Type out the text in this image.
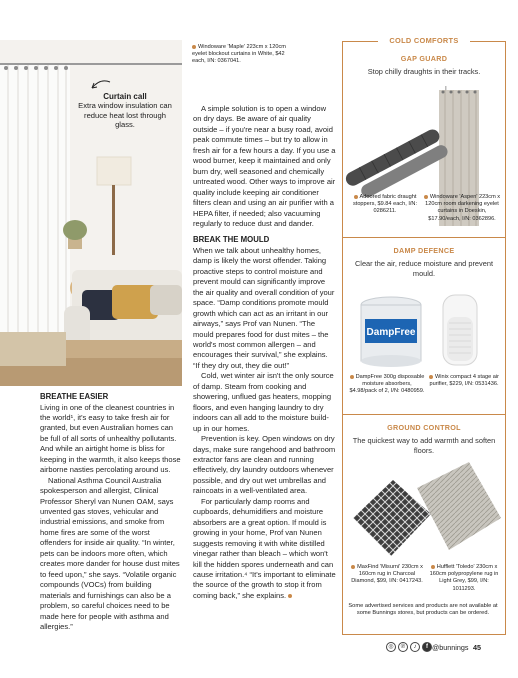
Curtain call
Extra window insulation can reduce heat lost through glass.
Windoware 'Maple' 223cm x 120cm eyelet blockout curtains in White, $42 each, I/N: 0367041.

A simple solution is to open a window on dry days. Be aware of air quality outside – if you're near a busy road, avoid peak commute times – but try to allow in fresh air for a few hours a day. If you use a wood burner, keep it maintained and only burn dry, well seasoned and chemically untreated wood. Other ways to improve air quality include keeping air conditioner filters clean and using an air purifier with a HEPA filter, if needed; also vacuuming regularly to reduce dust and dander.

BREAK THE MOULD

When we talk about unhealthy homes, damp is likely the worst offender. Taking proactive steps to control moisture and prevent mould can significantly improve the air quality and overall condition of your space. “Damp conditions promote mould growth which can act as an irritant in our airways,” says Prof van Nunen. “The mould prepares food for dust mites – the world's most common allergen – and encourages their survival,” she explains. “If they dry out, they die out!”

Cold, wet winter air isn't the only source of damp. Steam from cooking and showering, unflued gas heaters, mopping floors, and even hanging laundry to dry indoors can all add to the moisture build-up in our homes.

Prevention is key. Open windows on dry days, make sure rangehood and bathroom extractor fans are clean and running effectively, dry laundry outdoors whenever possible, and dry out wet umbrellas and raincoats in a well-ventilated area.

For particularly damp rooms and cupboards, dehumidifiers and moisture absorbers are a great option. If mould is growing in your home, Prof van Nunen suggests removing it with white distilled vinegar rather than bleach – which won't kill the hidden spores underneath and can cause irritation.⁴ “It's important to eliminate the source of the growth to stop it from coming back,” she explains.

BREATHE EASIER

Living in one of the cleanest countries in the world¹, it's easy to take fresh air for granted, but even Australian homes can be full of all sorts of unhealthy pollutants. And while an airtight home is bliss for keeping in the warmth, it also keeps those airborne nasties percolating around us.

National Asthma Council Australia spokesperson and allergist, Clinical Professor Sheryl van Nunen OAM, says unvented gas stoves, vehicular and industrial emissions, and smoke from home fires are some of the worst offenders for inside air quality. “In winter, pets can be indoors more often, which creates more dander for house dust mites to feed upon,” she says. “Volatile organic compounds (VOCs) from building materials and furnishings can also be a problem, so careful choices need to be made here for people with asthma and allergies.”

GAP GUARD
Stop chilly draughts in their tracks.
Adoored fabric draught stoppers, $9.84 each, I/N: 0286211.
Windoware 'Aspen' 223cm x 120cm room darkening eyelet curtains in Doeskin, $17.90/each, I/N: 0362896.
DAMP DEFENCE
Clear the air, reduce moisture and prevent mould.
DampFree
DampFree 300g disposable moisture absorbers, $4.98/pack of 2, I/N: 0480959.
Winix compact 4 stage air purifier, $229, I/N: 0531436.
GROUND CONTROL
The quickest way to add warmth and soften floors.
MaxFind 'Misurni' 230cm x 160cm rug in Charcoal Diamond, $99, I/N: 0417243.
Hufflett 'Toledo' 230cm x 160cm polypropylene rug in Light Grey, $99, I/N: 1011293.
COLD COMFORTS
Some advertised services and products are not available at some Bunnings stores, but products can be ordered.
◎	℗	♪	f @bunnings 45
